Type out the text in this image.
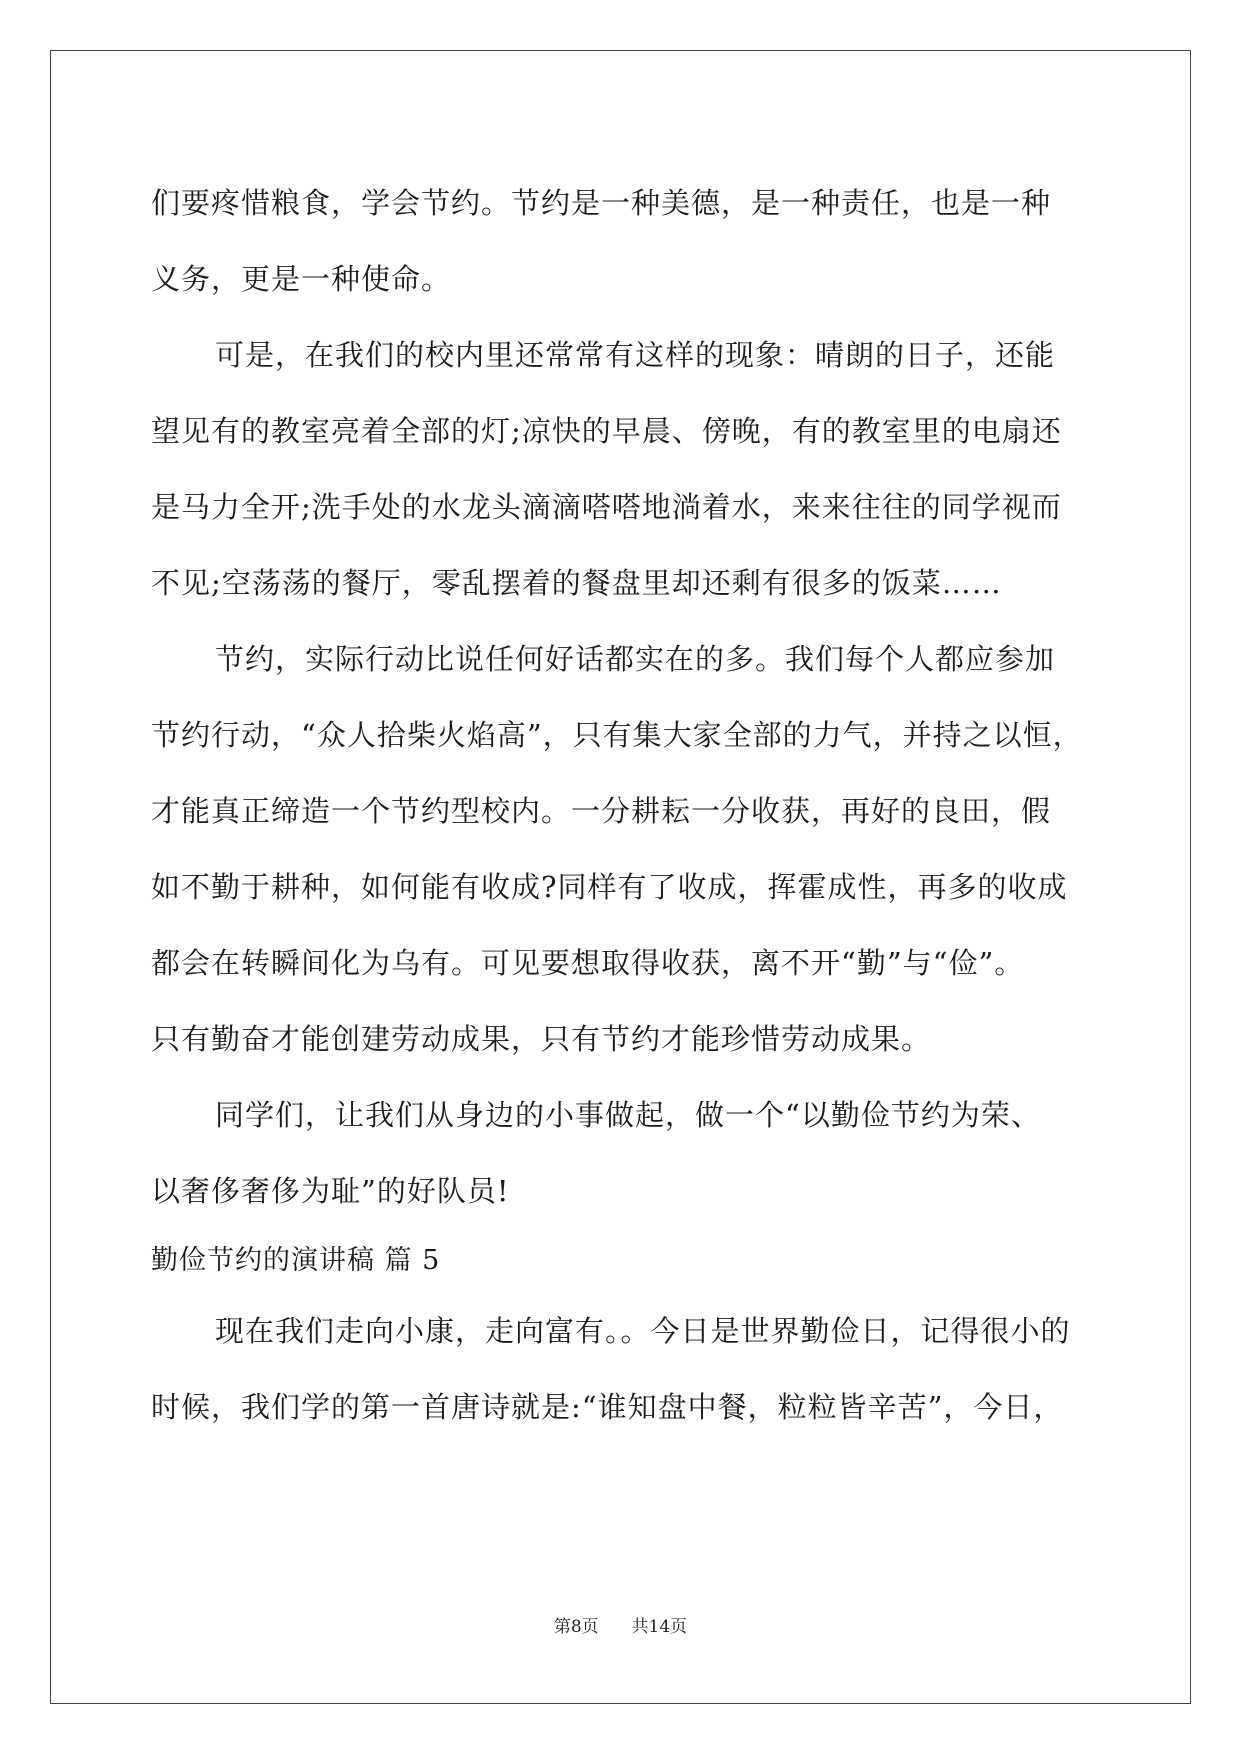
们要疼惜粮食，学会节约。节约是一种美德，是一种责任，也是一种
义务，更是一种使命。
可是，在我们的校内里还常常有这样的现象：晴朗的日子，还能
望见有的教室亮着全部的灯;凉快的早晨、傍晚，有的教室里的电扇还
是马力全开;洗手处的水龙头滴滴嗒嗒地淌着水，来来往往的同学视而
不见;空荡荡的餐厅，零乱摆着的餐盘里却还剩有很多的饭菜……
节约，实际行动比说任何好话都实在的多。我们每个人都应参加
节约行动，“众人拾柴火焰高”，只有集大家全部的力气，并持之以恒，
才能真正缔造一个节约型校内。一分耕耘一分收获，再好的良田，假
如不勤于耕种，如何能有收成?同样有了收成，挥霍成性，再多的收成
都会在转瞬间化为乌有。可见要想取得收获，离不开“勤”与“俭”。
只有勤奋才能创建劳动成果，只有节约才能珍惜劳动成果。
同学们，让我们从身边的小事做起，做一个“以勤俭节约为荣、
以奢侈奢侈为耻”的好队员!
勤俭节约的演讲稿 篇 5
现在我们走向小康，走向富有。。今日是世界勤俭日，记得很小的
时候，我们学的第一首唐诗就是:“谁知盘中餐，粒粒皆辛苦”，今日，
第8页 共14页
